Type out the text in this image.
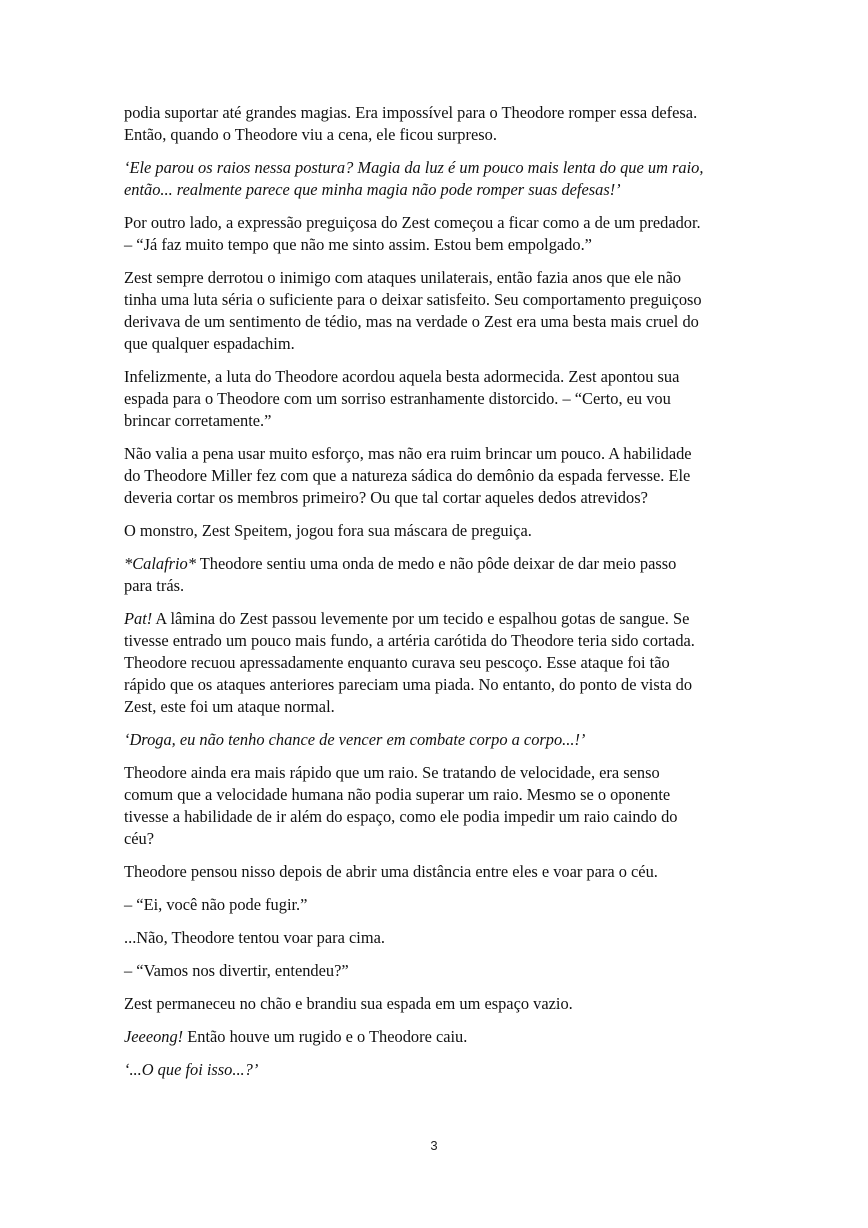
podia suportar até grandes magias. Era impossível para o Theodore romper essa defesa.
Então, quando o Theodore viu a cena, ele ficou surpreso.

‘Ele parou os raios nessa postura? Magia da luz é um pouco mais lenta do que um raio,
então... realmente parece que minha magia não pode romper suas defesas!’

Por outro lado, a expressão preguiçosa do Zest começou a ficar como a de um predador.
– “Já faz muito tempo que não me sinto assim. Estou bem empolgado.”

Zest sempre derrotou o inimigo com ataques unilaterais, então fazia anos que ele não
tinha uma luta séria o suficiente para o deixar satisfeito. Seu comportamento preguiçoso
derivava de um sentimento de tédio, mas na verdade o Zest era uma besta mais cruel do
que qualquer espadachim.

Infelizmente, a luta do Theodore acordou aquela besta adormecida. Zest apontou sua
espada para o Theodore com um sorriso estranhamente distorcido. – “Certo, eu vou
brincar corretamente.”

Não valia a pena usar muito esforço, mas não era ruim brincar um pouco. A habilidade
do Theodore Miller fez com que a natureza sádica do demônio da espada fervesse. Ele
deveria cortar os membros primeiro? Ou que tal cortar aqueles dedos atrevidos?

O monstro, Zest Speitem, jogou fora sua máscara de preguiça.

*Calafrio* Theodore sentiu uma onda de medo e não pôde deixar de dar meio passo
para trás.

Pat! A lâmina do Zest passou levemente por um tecido e espalhou gotas de sangue. Se
tivesse entrado um pouco mais fundo, a artéria carótida do Theodore teria sido cortada.
Theodore recuou apressadamente enquanto curava seu pescoço. Esse ataque foi tão
rápido que os ataques anteriores pareciam uma piada. No entanto, do ponto de vista do
Zest, este foi um ataque normal.

‘Droga, eu não tenho chance de vencer em combate corpo a corpo...!’

Theodore ainda era mais rápido que um raio. Se tratando de velocidade, era senso
comum que a velocidade humana não podia superar um raio. Mesmo se o oponente
tivesse a habilidade de ir além do espaço, como ele podia impedir um raio caindo do
céu?

Theodore pensou nisso depois de abrir uma distância entre eles e voar para o céu.

– “Ei, você não pode fugir.”

...Não, Theodore tentou voar para cima.

– “Vamos nos divertir, entendeu?”

Zest permaneceu no chão e brandiu sua espada em um espaço vazio.

Jeeeong! Então houve um rugido e o Theodore caiu.

‘...O que foi isso...?’

3
